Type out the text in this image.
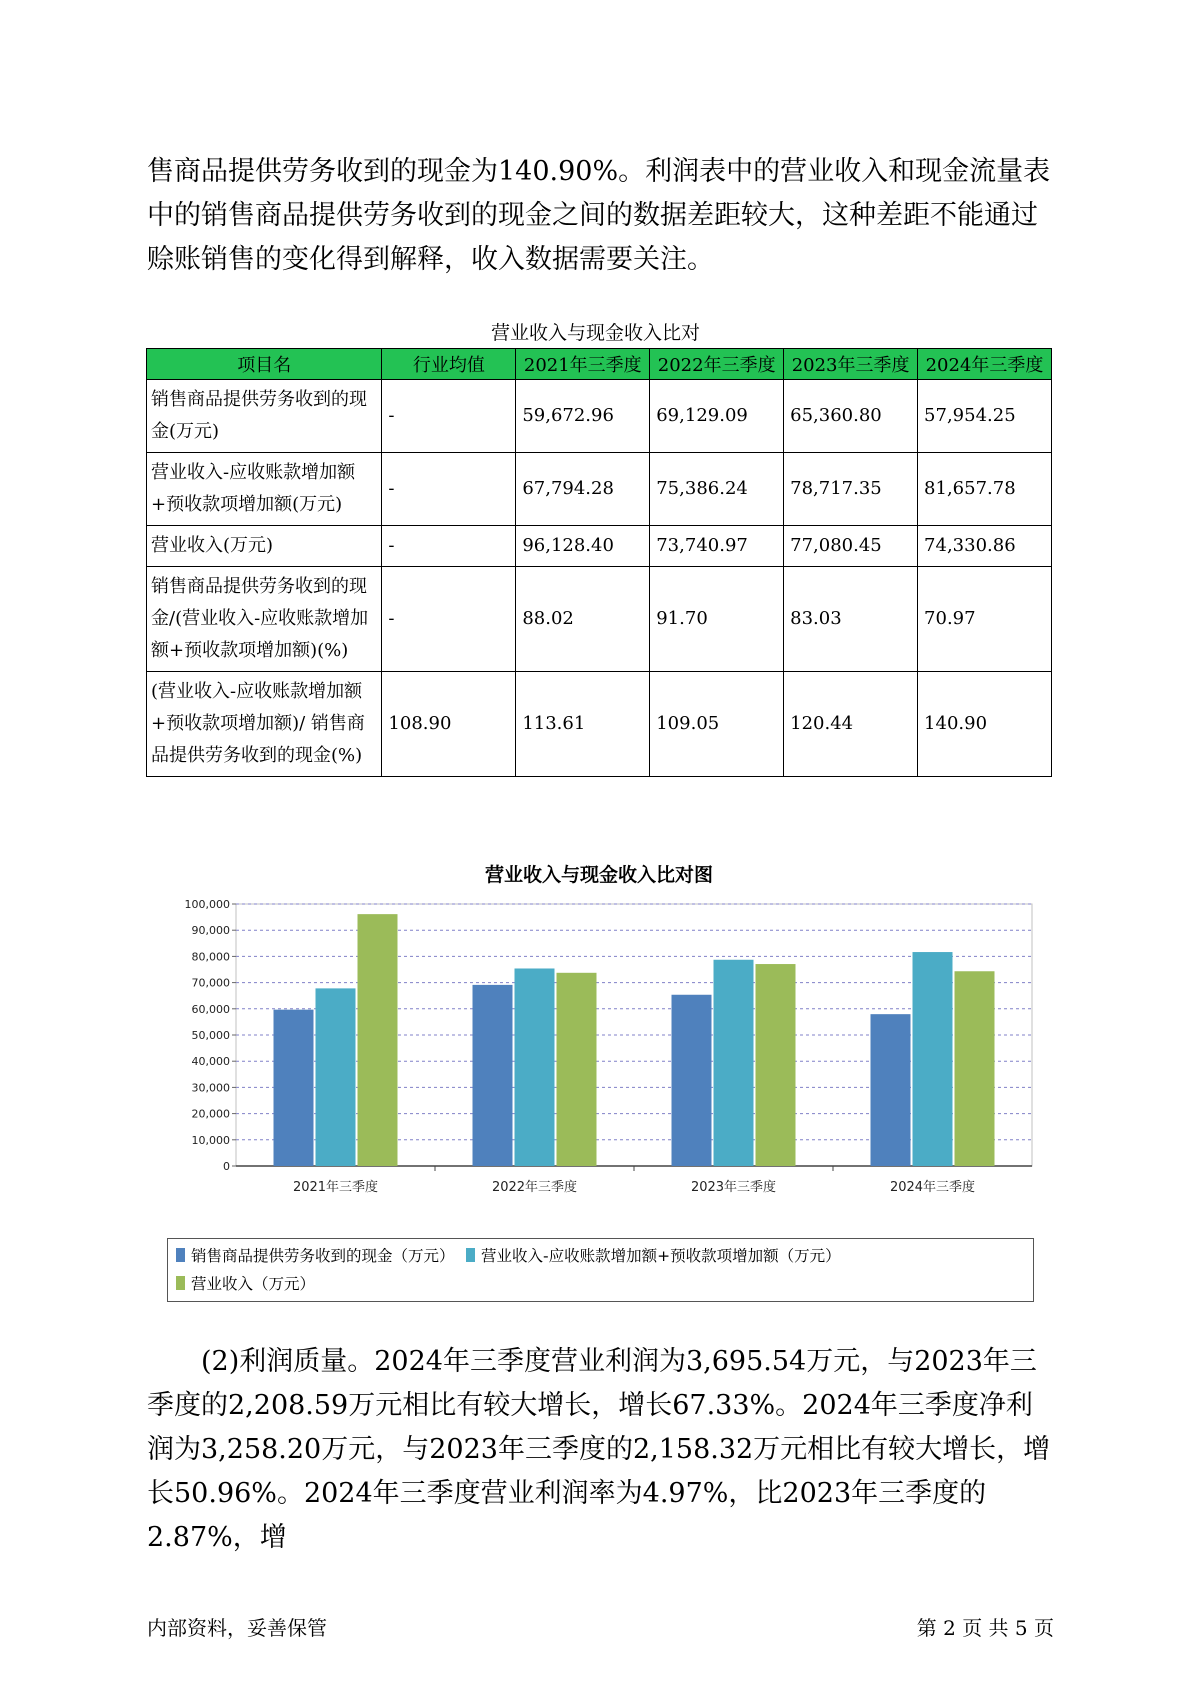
售商品提供劳务收到的现金为140.90%。利润表中的营业收入和现金流量表中的销售商品提供劳务收到的现金之间的数据差距较大，这种差距不能通过赊账销售的变化得到解释，收入数据需要关注。

营业收入与现金收入比对
项目名	行业均值	2021年三季度	2022年三季度	2023年三季度	2024年三季度
销售商品提供劳务收到的现金(万元)	-	59,672.96	69,129.09	65,360.80	57,954.25
营业收入-应收账款增加额+预收款项增加额(万元)	-	67,794.28	75,386.24	78,717.35	81,657.78
营业收入(万元)	-	96,128.40	73,740.97	77,080.45	74,330.86
销售商品提供劳务收到的现金/(营业收入-应收账款增加额+预收款项增加额)(%)	-	88.02	91.70	83.03	70.97
(营业收入-应收账款增加额+预收款项增加额)/ 销售商品提供劳务收到的现金(%)	108.90	113.61	109.05	120.44	140.90
营业收入与现金收入比对图
0
10,000
20,000
30,000
40,000
50,000
60,000
70,000
80,000
90,000
100,000
2021年三季度	2022年三季度	2023年三季度	2024年三季度
销售商品提供劳务收到的现金（万元） 营业收入-应收账款增加额+预收款项增加额（万元）
营业收入（万元）

(2)利润质量。2024年三季度营业利润为3,695.54万元，与2023年三季度的2,208.59万元相比有较大增长，增长67.33%。2024年三季度净利润为3,258.20万元，与2023年三季度的2,158.32万元相比有较大增长，增长50.96%。2024年三季度营业利润率为4.97%，比2023年三季度的2.87%，增

内部资料，妥善保管	第 2 页 共 5 页
